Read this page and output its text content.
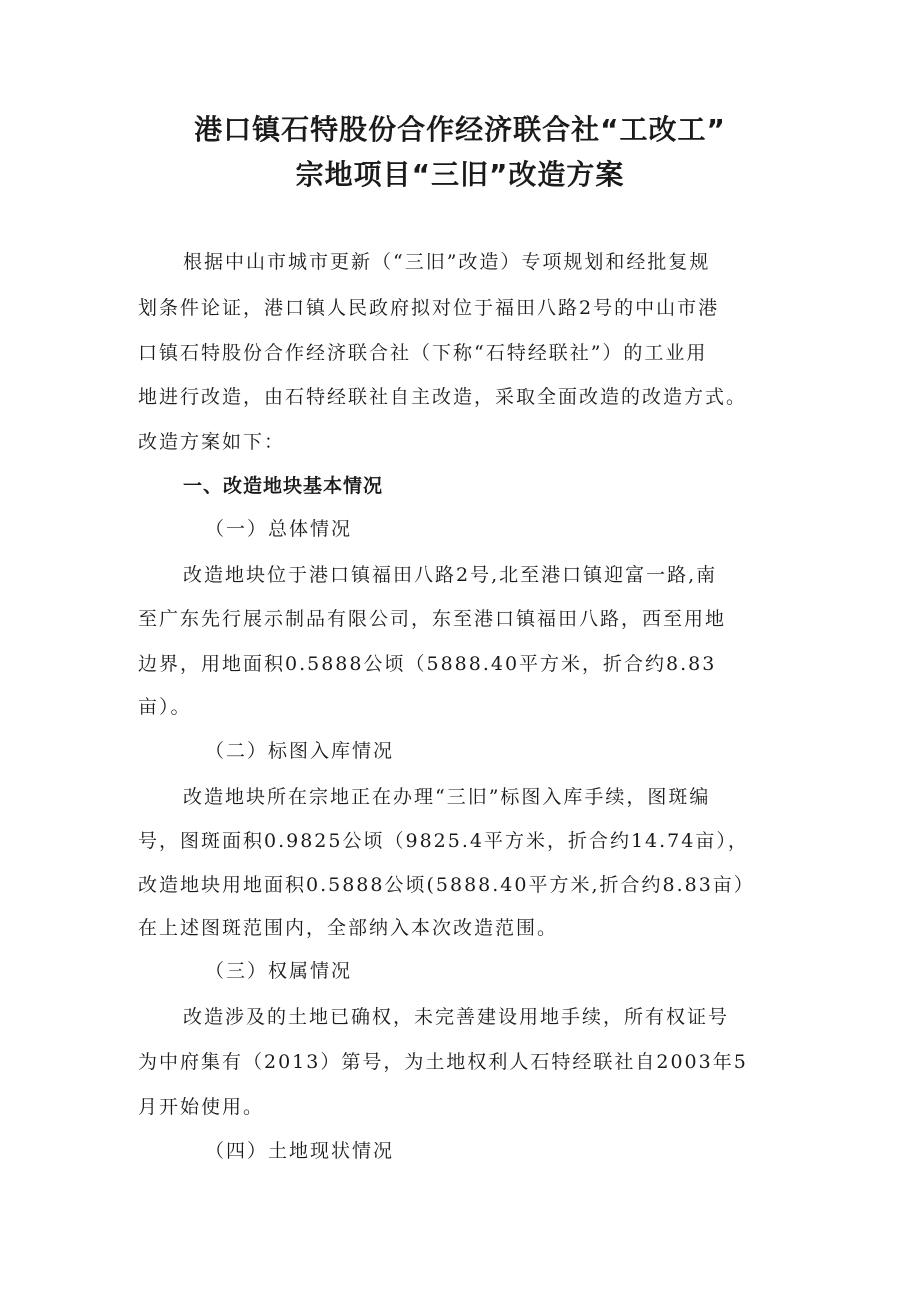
港口镇石特股份合作经济联合社“工改工”
宗地项目“三旧”改造方案
根据中山市城市更新（“三旧”改造）专项规划和经批复规
划条件论证，港口镇人民政府拟对位于福田八路2号的中山市港
口镇石特股份合作经济联合社（下称“石特经联社”）的工业用
地进行改造，由石特经联社自主改造，采取全面改造的改造方式。
改造方案如下：
一、改造地块基本情况
（一）总体情况
改造地块位于港口镇福田八路2号,北至港口镇迎富一路,南
至广东先行展示制品有限公司，东至港口镇福田八路，西至用地
边界，用地面积0.5888公顷（5888.40平方米，折合约8.83
亩）。
（二）标图入库情况
改造地块所在宗地正在办理“三旧”标图入库手续，图斑编
号，图斑面积0.9825公顷（9825.4平方米，折合约14.74亩），
改造地块用地面积0.5888公顷(5888.40平方米,折合约8.83亩）
在上述图斑范围内，全部纳入本次改造范围。
（三）权属情况
改造涉及的土地已确权，未完善建设用地手续，所有权证号
为中府集有（2013）第号，为土地权利人石特经联社自2003年5
月开始使用。
（四）土地现状情况
